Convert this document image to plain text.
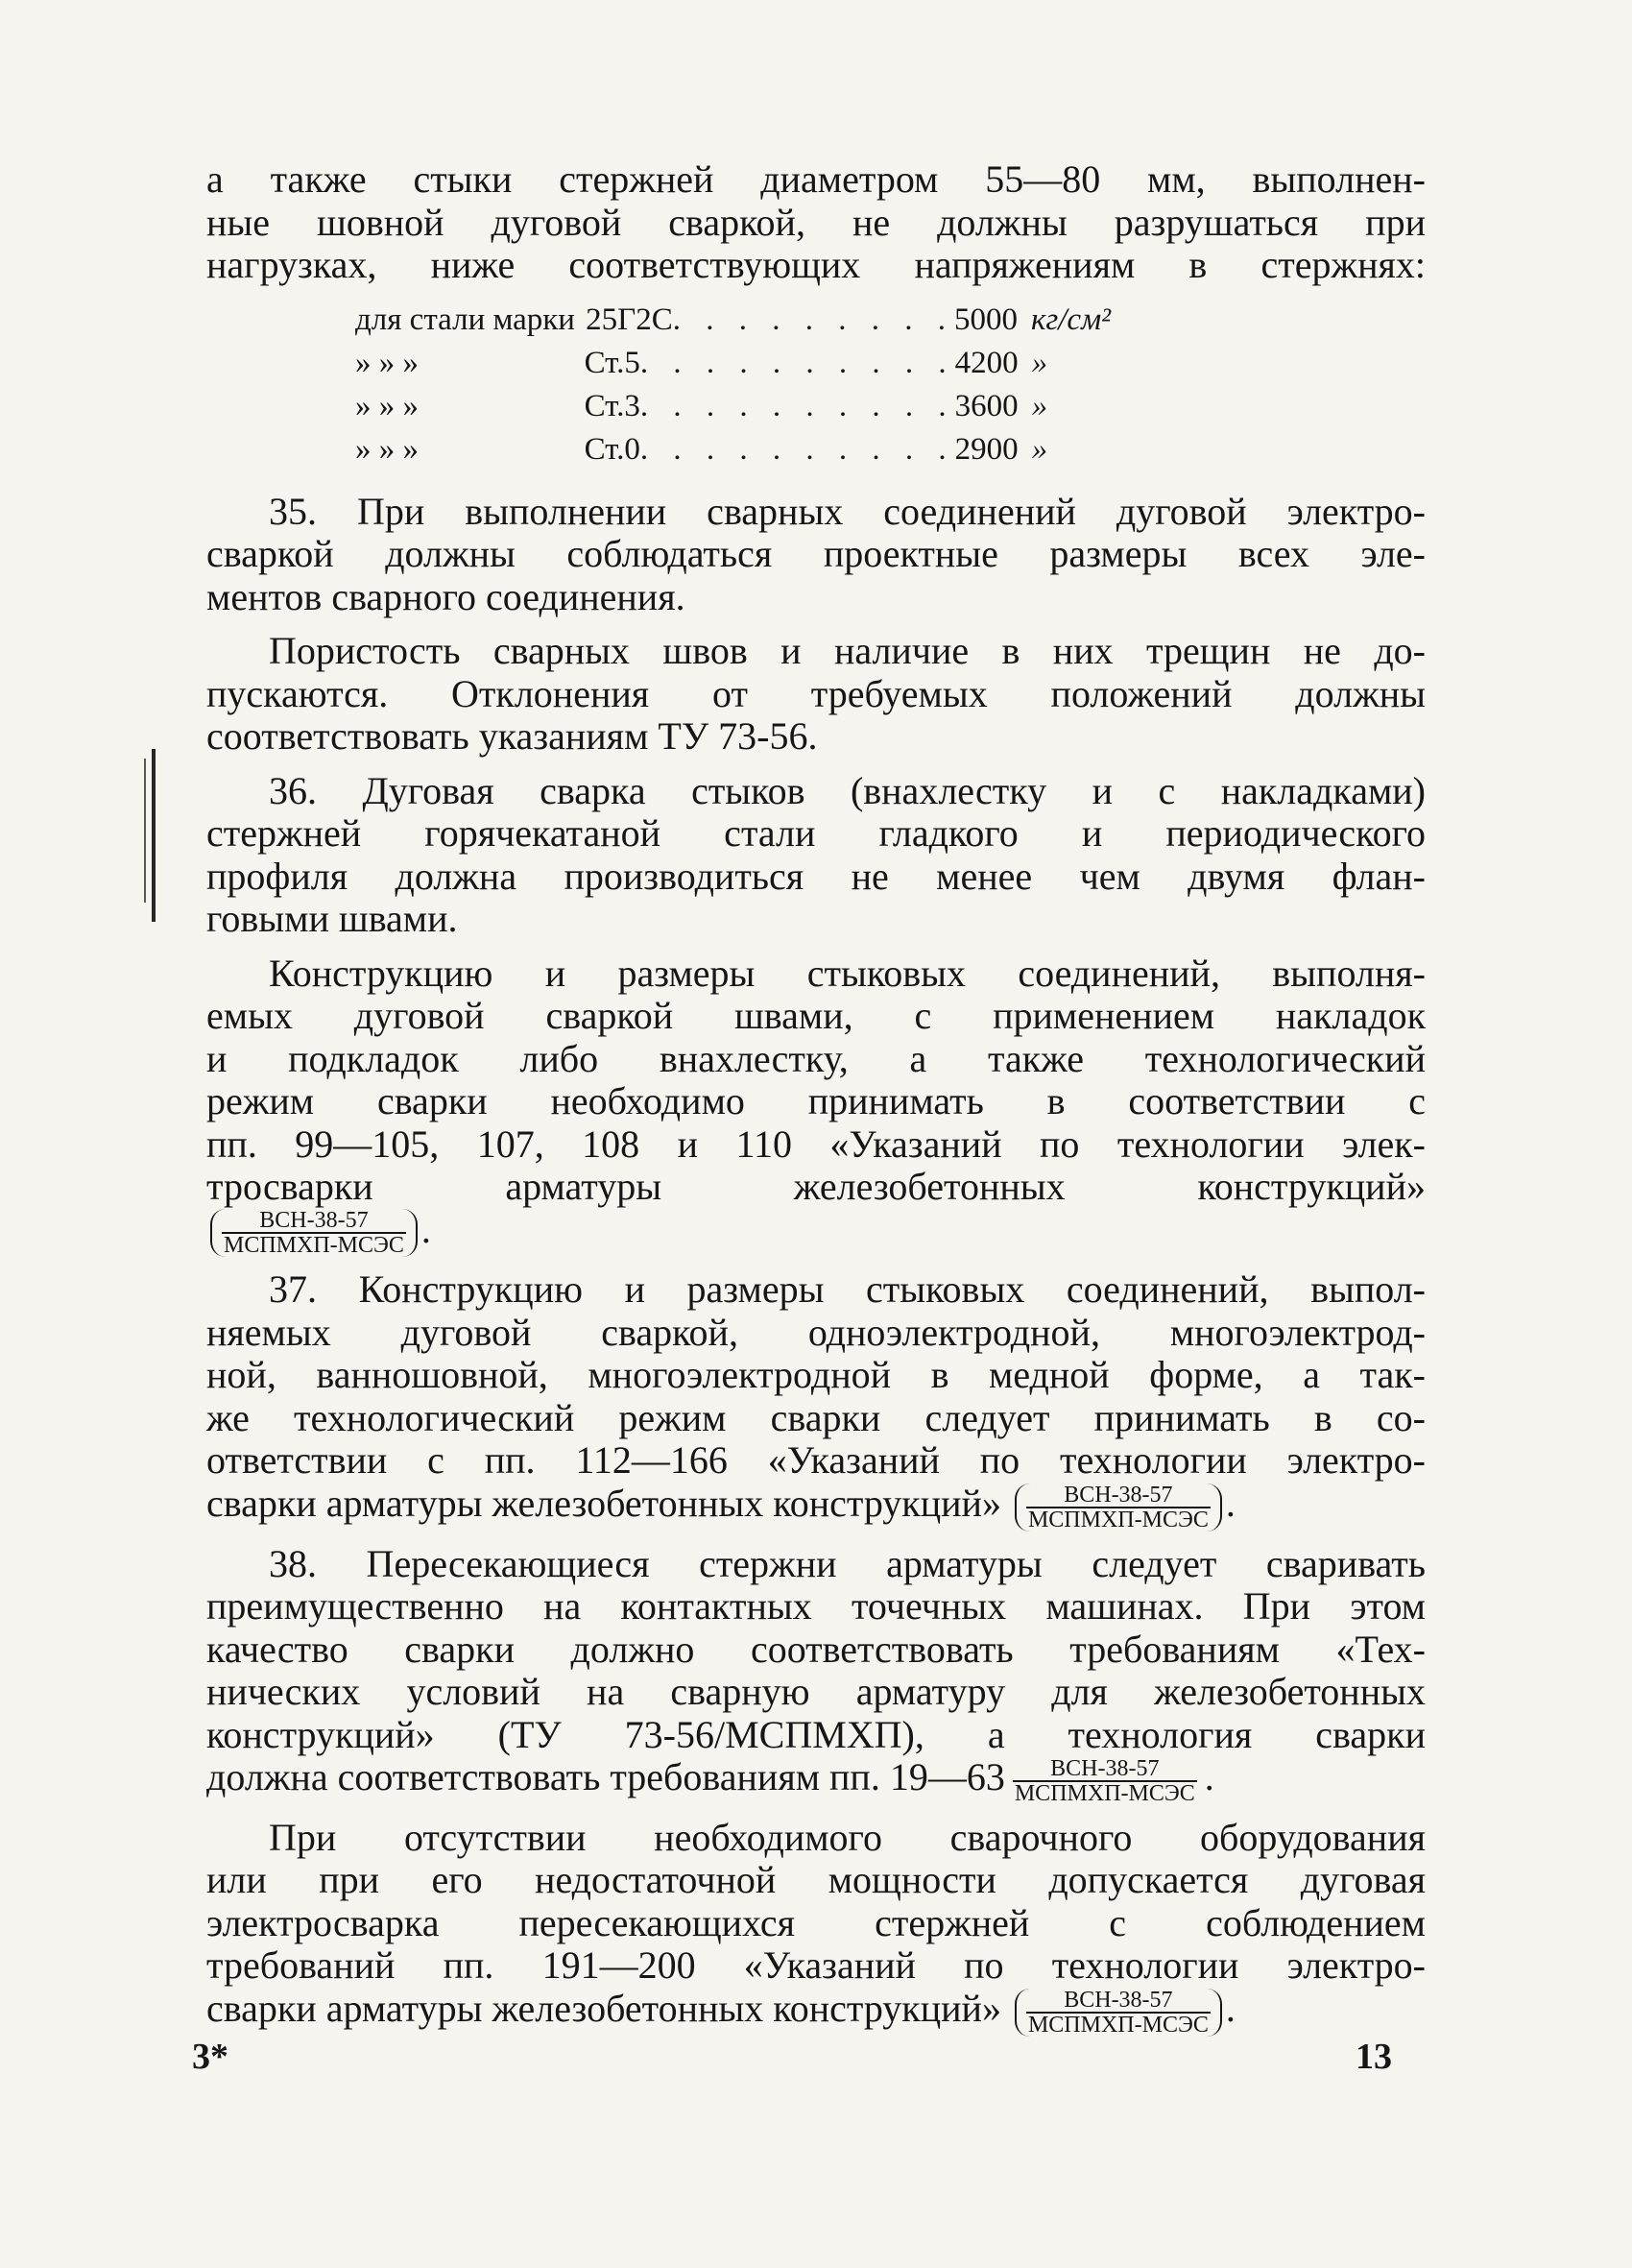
а также стыки стержней диаметром 55—80 мм, выполнен-
ные шовной дуговой сваркой, не должны разрушаться при
нагрузках, ниже соответствующих напряжениям в стержнях:
для стали марки 25Г2С . . . . . . . . . 5000 кг/см²
» » »	Ст.5 . . . . . . . . . . 4200 »
» » »	Ст.3 . . . . . . . . . . 3600 »
» » »	Ст.0 . . . . . . . . . . 2900 »
35. При выполнении сварных соединений дуговой электро-
сваркой должны соблюдаться проектные размеры всех эле-
ментов сварного соединения.
Пористость сварных швов и наличие в них трещин не до-
пускаются. Отклонения от требуемых положений должны
соответствовать указаниям ТУ 73-56.
36. Дуговая сварка стыков (внахлестку и с накладками)
стержней горячекатаной стали гладкого и периодического
профиля должна производиться не менее чем двумя флан-
говыми швами.
Конструкцию и размеры стыковых соединений, выполня-
емых дуговой сваркой швами, с применением накладок
и подкладок либо внахлестку, а также технологический
режим сварки необходимо принимать в соответствии с
пп. 99—105, 107, 108 и 110 «Указаний по технологии элек-
тросварки арматуры железобетонных конструкций»
$\frac{\text{ВСН-38-57}}{\text{МСПМХП-МСЭС}}$ .
37. Конструкцию и размеры стыковых соединений, выпол-
няемых дуговой сваркой, одноэлектродной, многоэлектрод-
ной, ванношовной, многоэлектродной в медной форме, а так-
же технологический режим сварки следует принимать в со-
ответствии с пп. 112—166 «Указаний по технологии электро-
сварки арматуры железобетонных конструкций» $\frac{\text{ВСН-38-57}}{\text{МСПМХП-МСЭС}}$ .
38. Пересекающиеся стержни арматуры следует сваривать
преимущественно на контактных точечных машинах. При этом
качество сварки должно соответствовать требованиям «Тех-
нических условий на сварную арматуру для железобетонных
конструкций» (ТУ 73-56/МСПМХП), а технология сварки
должна соответствовать требованиям пп. 19—63 $\frac{\text{ВСН-38-57}}{\text{МСПМХП-МСЭС}}$ .
При отсутствии необходимого сварочного оборудования
или при его недостаточной мощности допускается дуговая
электросварка пересекающихся стержней с соблюдением
требований пп. 191—200 «Указаний по технологии электро-
сварки арматуры железобетонных конструкций» $\frac{\text{ВСН-38-57}}{\text{МСПМХП-МСЭС}}$ .
3*	13
